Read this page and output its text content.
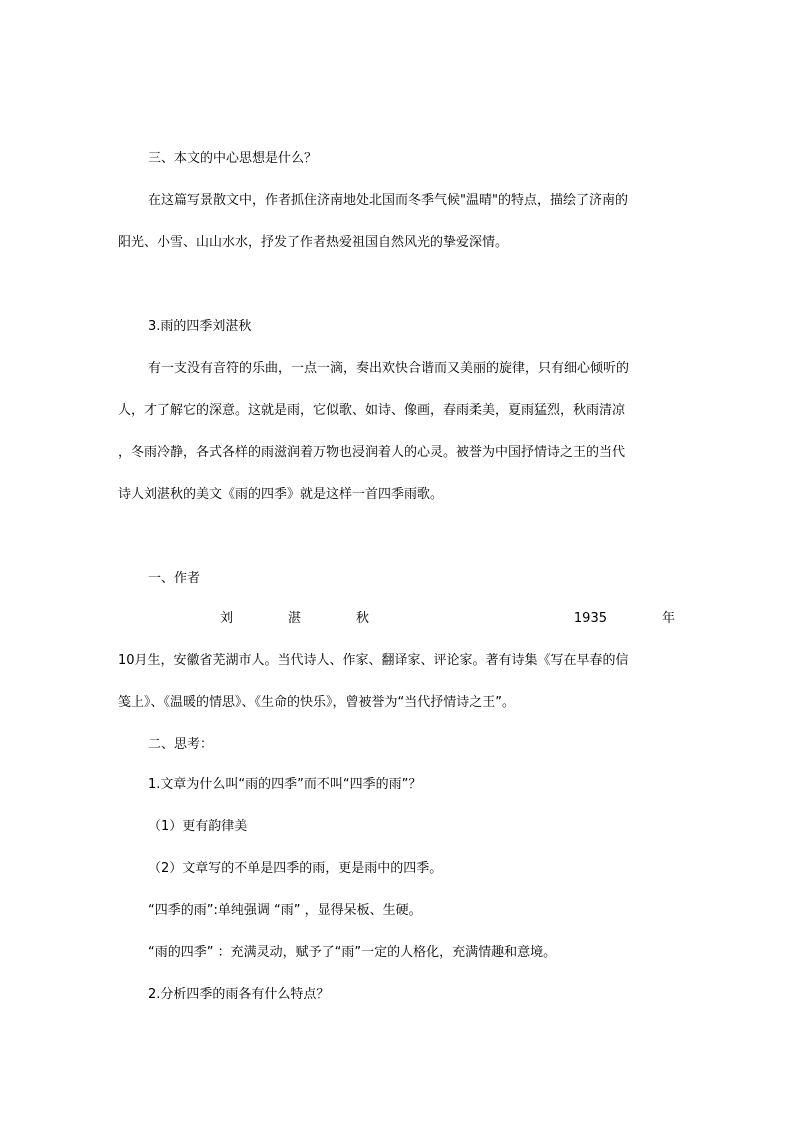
三、本文的中心思想是什么？
在这篇写景散文中，作者抓住济南地处北国而冬季气候"温晴"的特点，描绘了济南的
阳光、小雪、山山水水，抒发了作者热爱祖国自然风光的挚爱深情。
3.雨的四季刘湛秋
有一支没有音符的乐曲，一点一滴，奏出欢快合谐而又美丽的旋律，只有细心倾听的
人，才了解它的深意。这就是雨，它似歌、如诗、像画，春雨柔美，夏雨猛烈，秋雨清凉
，冬雨冷静，各式各样的雨滋润着万物也浸润着人的心灵。被誉为中国抒情诗之王的当代
诗人刘湛秋的美文《雨的四季》就是这样一首四季雨歌。
一、作者
刘	湛	秋	1935	年
10月生，安徽省芜湖市人。当代诗人、作家、翻译家、评论家。著有诗集《写在早春的信
笺上》、《温暖的情思》、《生命的快乐》，曾被誉为“当代抒情诗之王”。
二、思考：
1.文章为什么叫“雨的四季”而不叫“四季的雨”？
（1）更有韵律美
（2）文章写的不单是四季的雨，更是雨中的四季。
“四季的雨”:单纯强调 “雨” ，显得呆板、生硬。
“雨的四季” ：充满灵动，赋予了“雨”一定的人格化，充满情趣和意境。
2.分析四季的雨各有什么特点？
